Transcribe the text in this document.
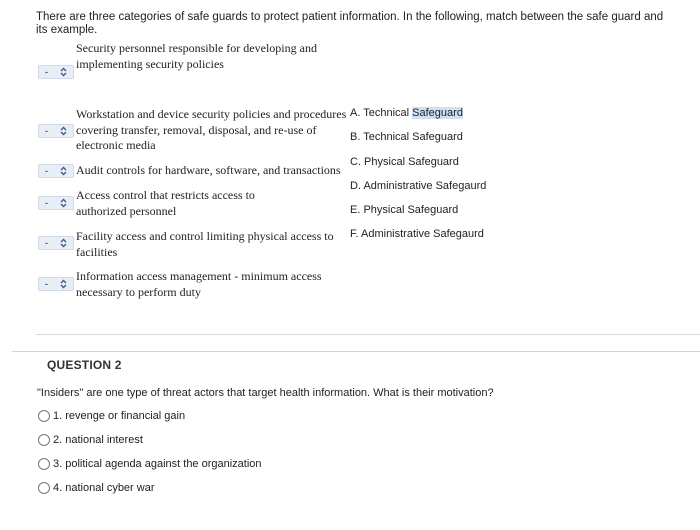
There are three categories of safe guards to protect patient information. In the following, match between the safe guard and its example.
-
Security personnel responsible for developing and implementing security policies
-
Workstation and device security policies and procedures covering transfer, removal, disposal, and re-use of electronic media
- Audit controls for hardware, software, and transactions
-
Access control that restricts access to authorized personnel
- Facility access and control limiting physical access to facilities
-
Information access management - minimum access necessary to perform duty
A. Technical Safeguard
B. Technical Safeguard
C. Physical Safeguard
D. Administrative Safegaurd
E. Physical Safeguard
F. Administrative Safegaurd
QUESTION 2
"Insiders" are one type of threat actors that target health information. What is their motivation?
1. revenge or financial gain
2. national interest
3. political agenda against the organization
4. national cyber war
